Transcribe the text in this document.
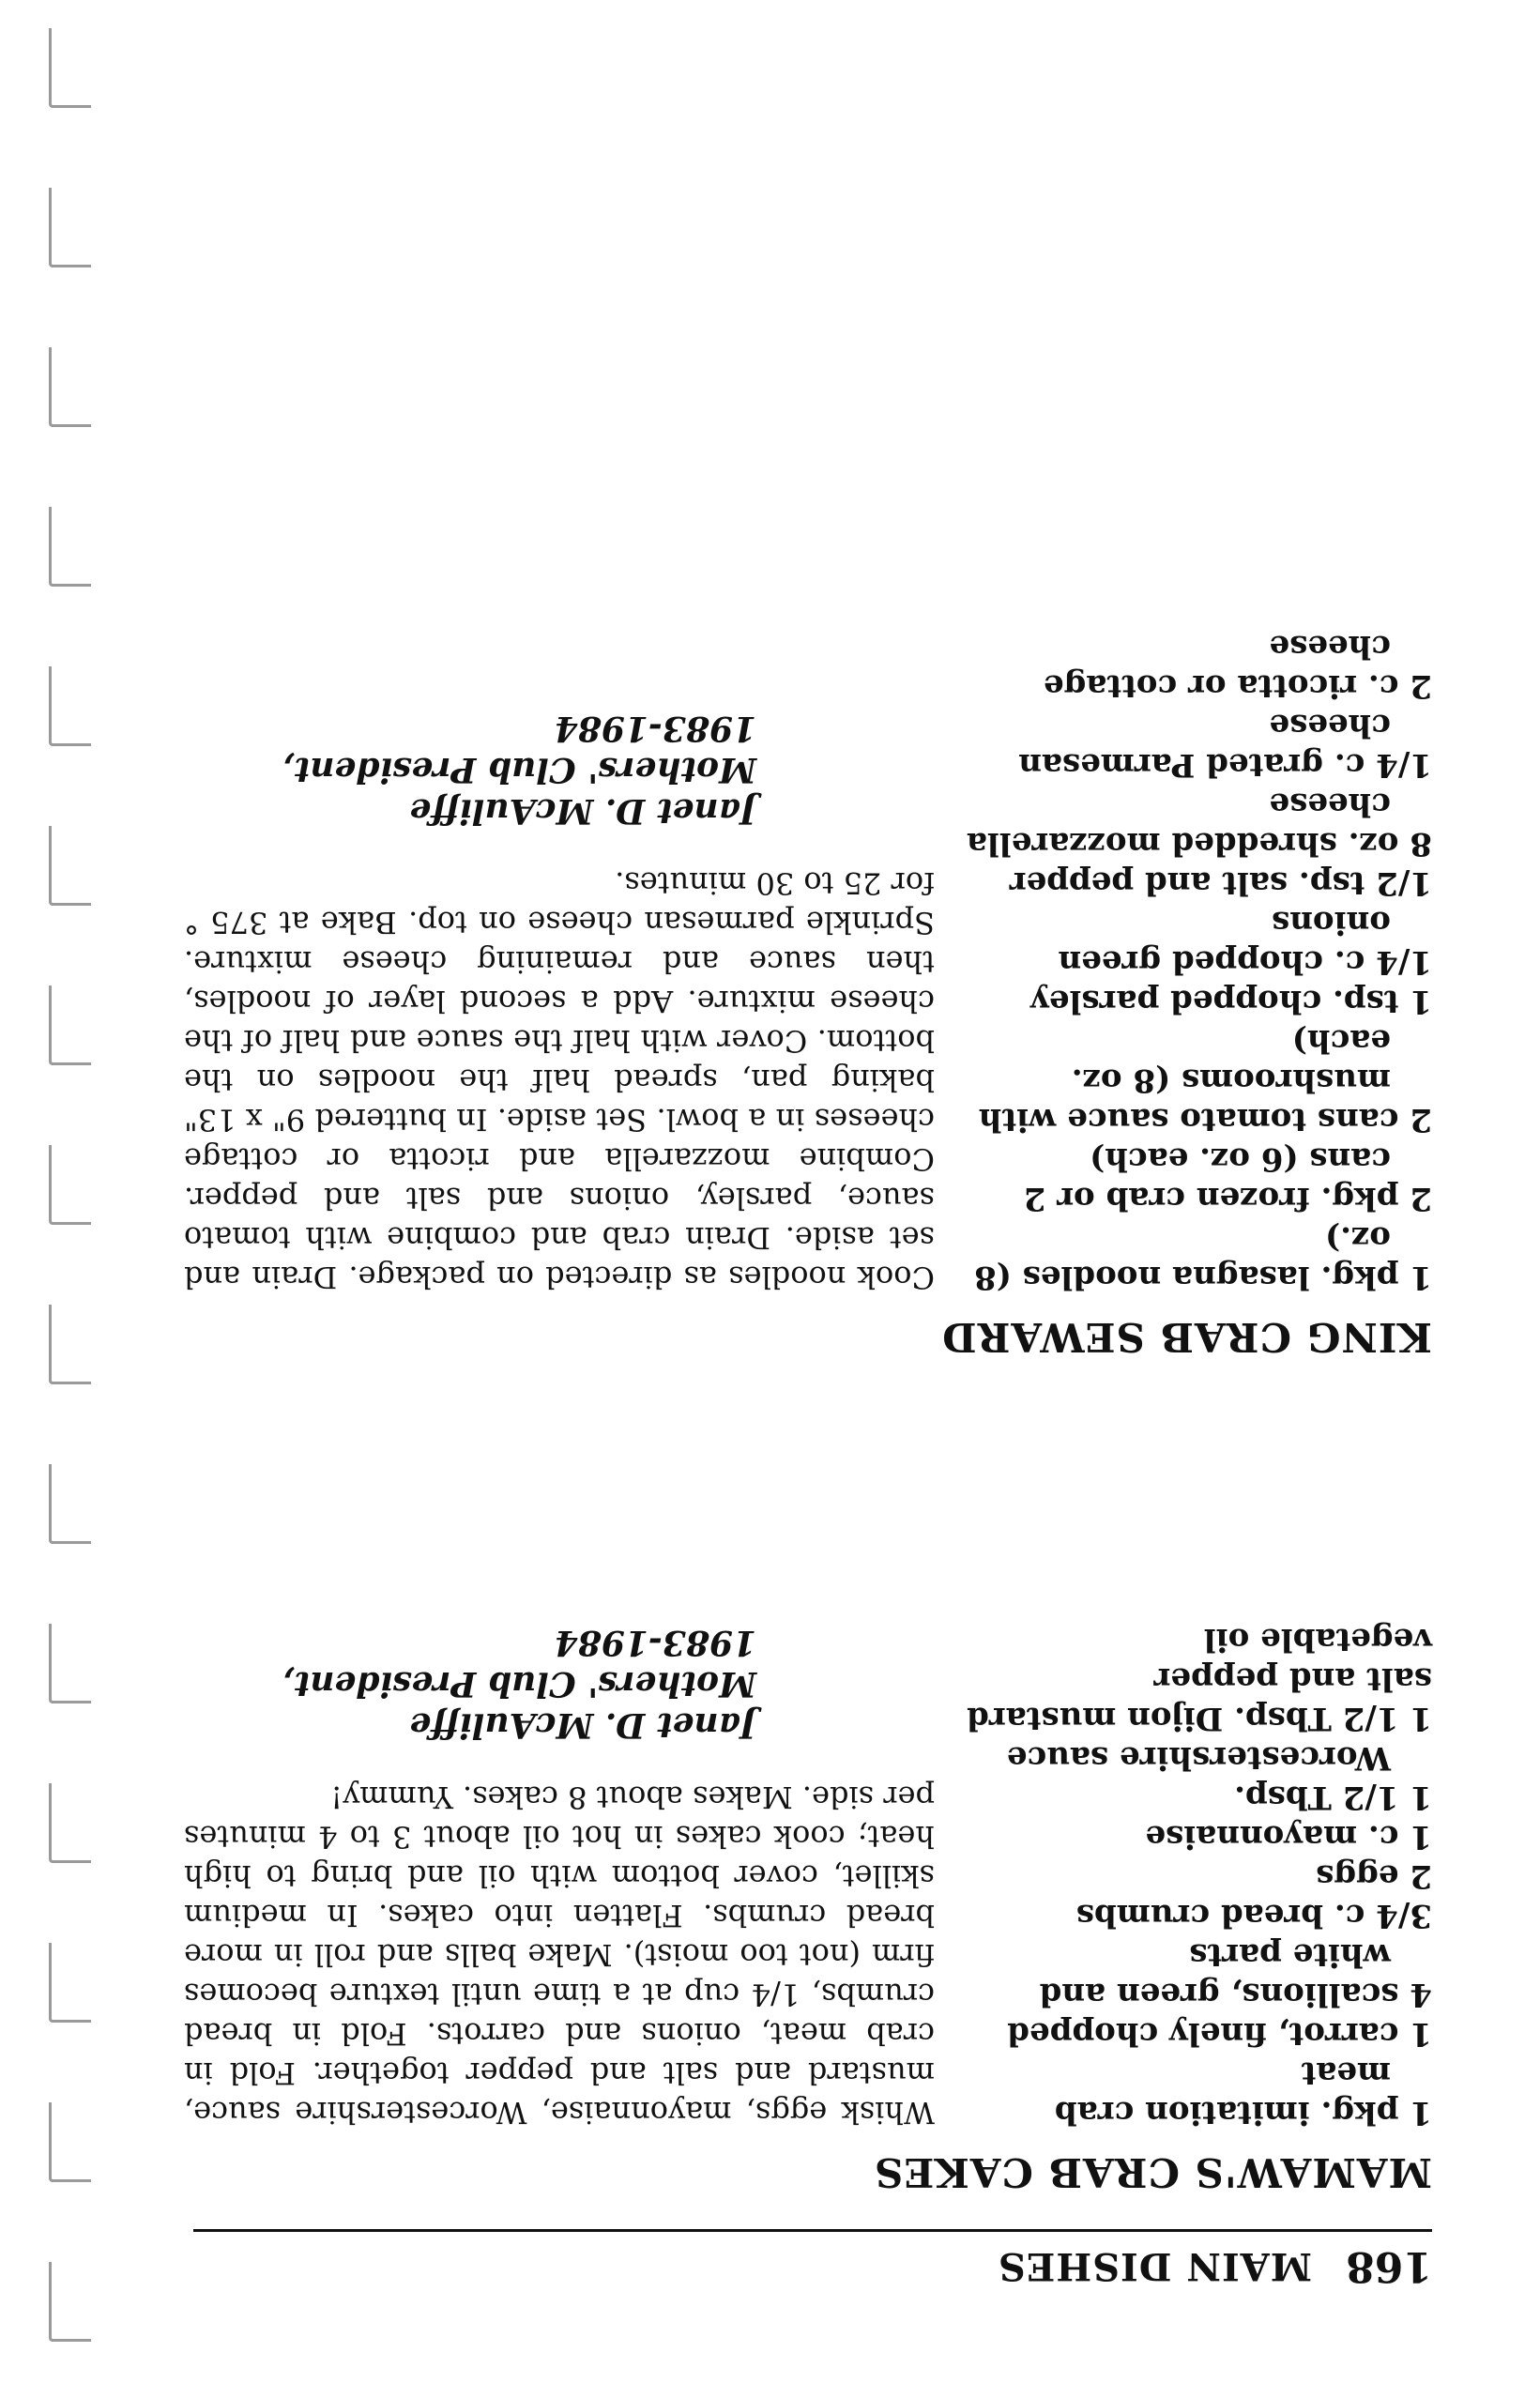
168
MAIN DISHES
MAMAW'S CRAB CAKES
1 pkg. imitation crab meat
1 carrot, finely chopped
4 scallions, green and white parts
3/4 c. bread crumbs
2 eggs
1 c. mayonnaise
1 1/2 Tbsp. Worcestershire sauce
1 1/2 Tbsp. Dijon mustard
salt and pepper
vegetable oil

Whisk eggs, mayonnaise, Worcestershire sauce, mustard and salt and pepper together. Fold in crab meat, onions and carrots. Fold in bread crumbs, 1/4 cup at a time until texture becomes firm (not too moist). Make balls and roll in more bread crumbs. Flatten into cakes. In medium skillet, cover bottom with oil and bring to high heat; cook cakes in hot oil about 3 to 4 minutes per side. Makes about 8 cakes. Yummy!

Janet D. McAuliffe
Mothers' Club President, 1983-1984
KING CRAB SEWARD
1 pkg. lasagna noodles (8 oz.)
2 pkg. frozen crab or 2 cans (6 oz. each)
2 cans tomato sauce with mushrooms (8 oz. each)
1 tsp. chopped parsley
1/4 c. chopped green onions
1/2 tsp. salt and pepper
8 oz. shredded mozzarella cheese
1/4 c. grated Parmesan cheese
2 c. ricotta or cottage cheese

Cook noodles as directed on package. Drain and set aside. Drain crab and combine with tomato sauce, parsley, onions and salt and pepper. Combine mozzarella and ricotta or cottage cheeses in a bowl. Set aside. In buttered 9" x 13" baking pan, spread half the noodles on the bottom. Cover with half the sauce and half of the cheese mixture. Add a second layer of noodles, then sauce and remaining cheese mixture. Sprinkle parmesan cheese on top. Bake at 375 ° for 25 to 30 minutes.

Janet D. McAuliffe
Mothers' Club President, 1983-1984
